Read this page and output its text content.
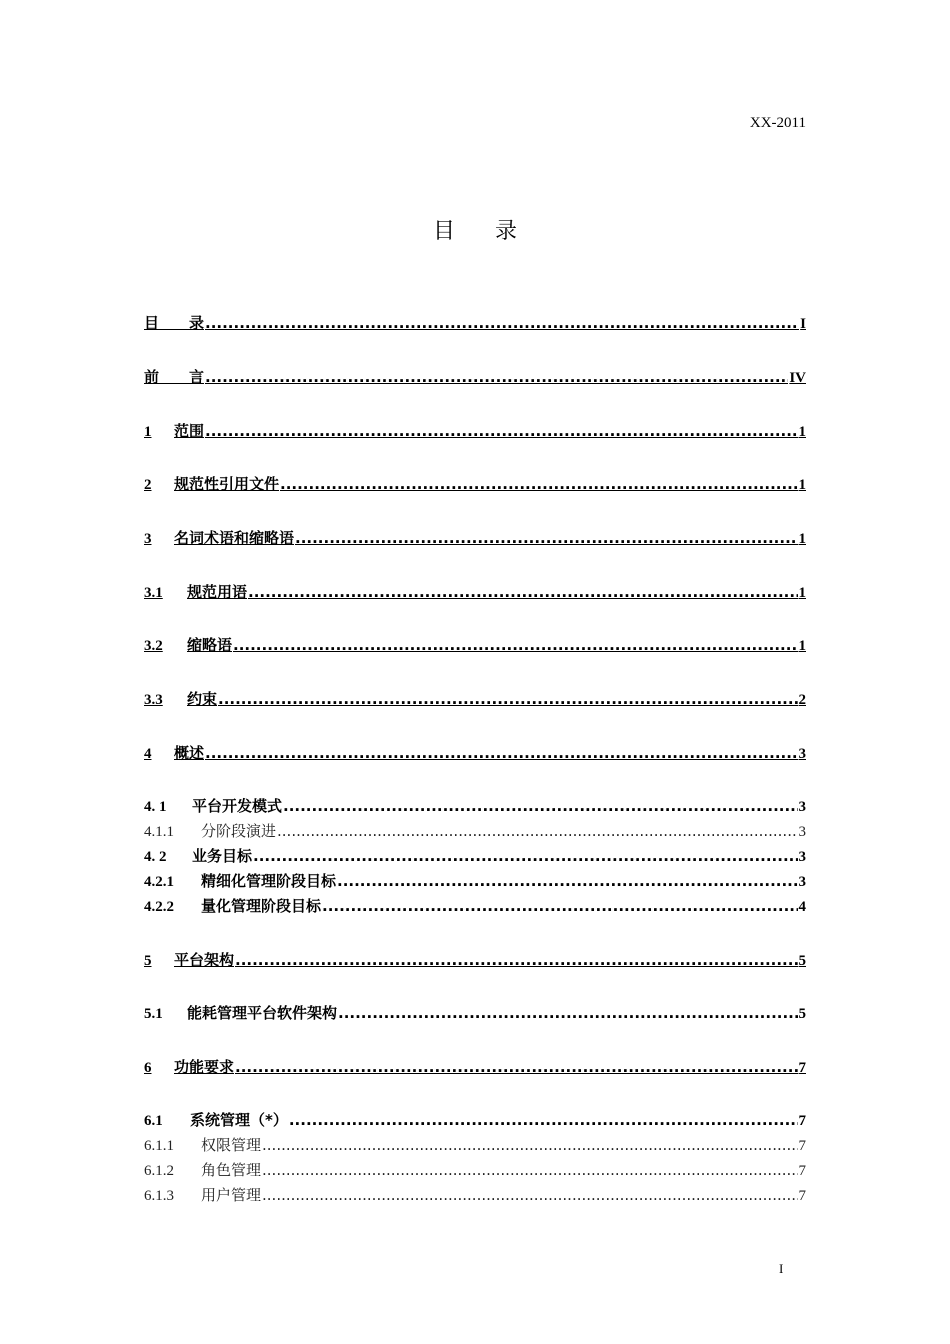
XX-2011
目录
目　　录 .....	I
前　　言 .....	IV
1	范围 .....	1
2	规范性引用文件 .....	1
3	名词术语和缩略语 .....	1
3.1	规范用语 .....	1
3.2	缩略语 .....	1
3.3	约束 .....	2
4	概述 .....	3
4. 1	平台开发模式 .....	3
4.1.1	分阶段演进 .....	3
4. 2	业务目标 .....	3
4.2.1	精细化管理阶段目标 .....	3
4.2.2	量化管理阶段目标 .....	4
5	平台架构 .....	5
5.1	能耗管理平台软件架构 .....	5
6	功能要求 .....	7
6.1	系统管理（*） .....	7
6.1.1	权限管理 .....	7
6.1.2	角色管理 .....	7
6.1.3	用户管理 .....	7
I
